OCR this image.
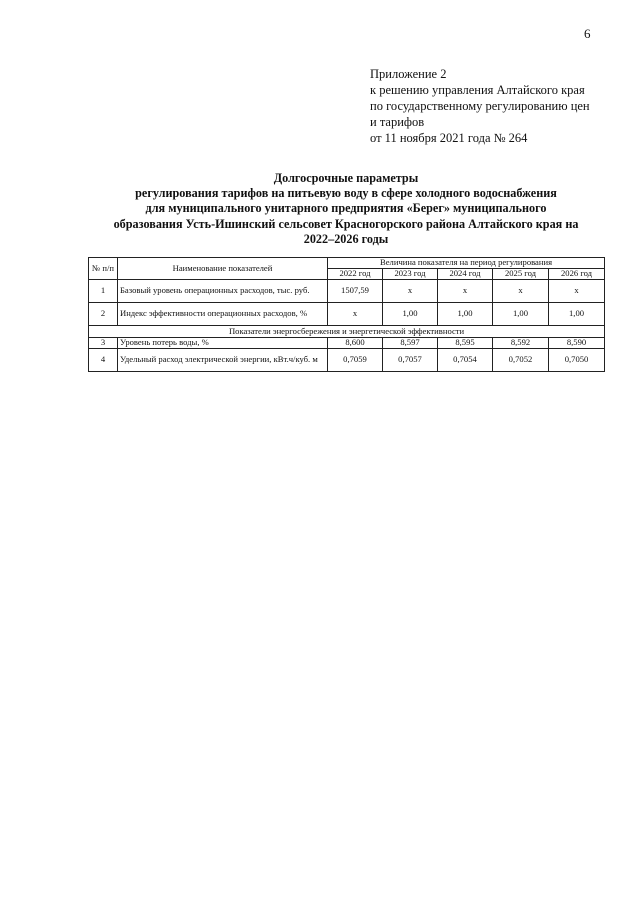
6
Приложение 2
к решению управления Алтайского края
по государственному регулированию цен
и тарифов
от 11 ноября 2021 года № 264
Долгосрочные параметры
регулирования тарифов на питьевую воду в сфере холодного водоснабжения
для муниципального унитарного предприятия «Берег» муниципального
образования Усть-Ишинский сельсовет Красногорского района Алтайского края на
2022–2026 годы
№ п/п	Наименование показателей	Величина показателя на период регулирования				
		2022 год	2023 год	2024 год	2025 год	2026 год
1	Базовый уровень операционных расходов, тыс. руб.	1507,59	х	х	х	х
2	Индекс эффективности операционных расходов, %	х	1,00	1,00	1,00	1,00
Показатели энергосбережения и энергетической эффективности						
3	Уровень потерь воды, %	8,600	8,597	8,595	8,592	8,590
4	Удельный расход электрической энергии, кВт.ч/куб. м	0,7059	0,7057	0,7054	0,7052	0,7050
